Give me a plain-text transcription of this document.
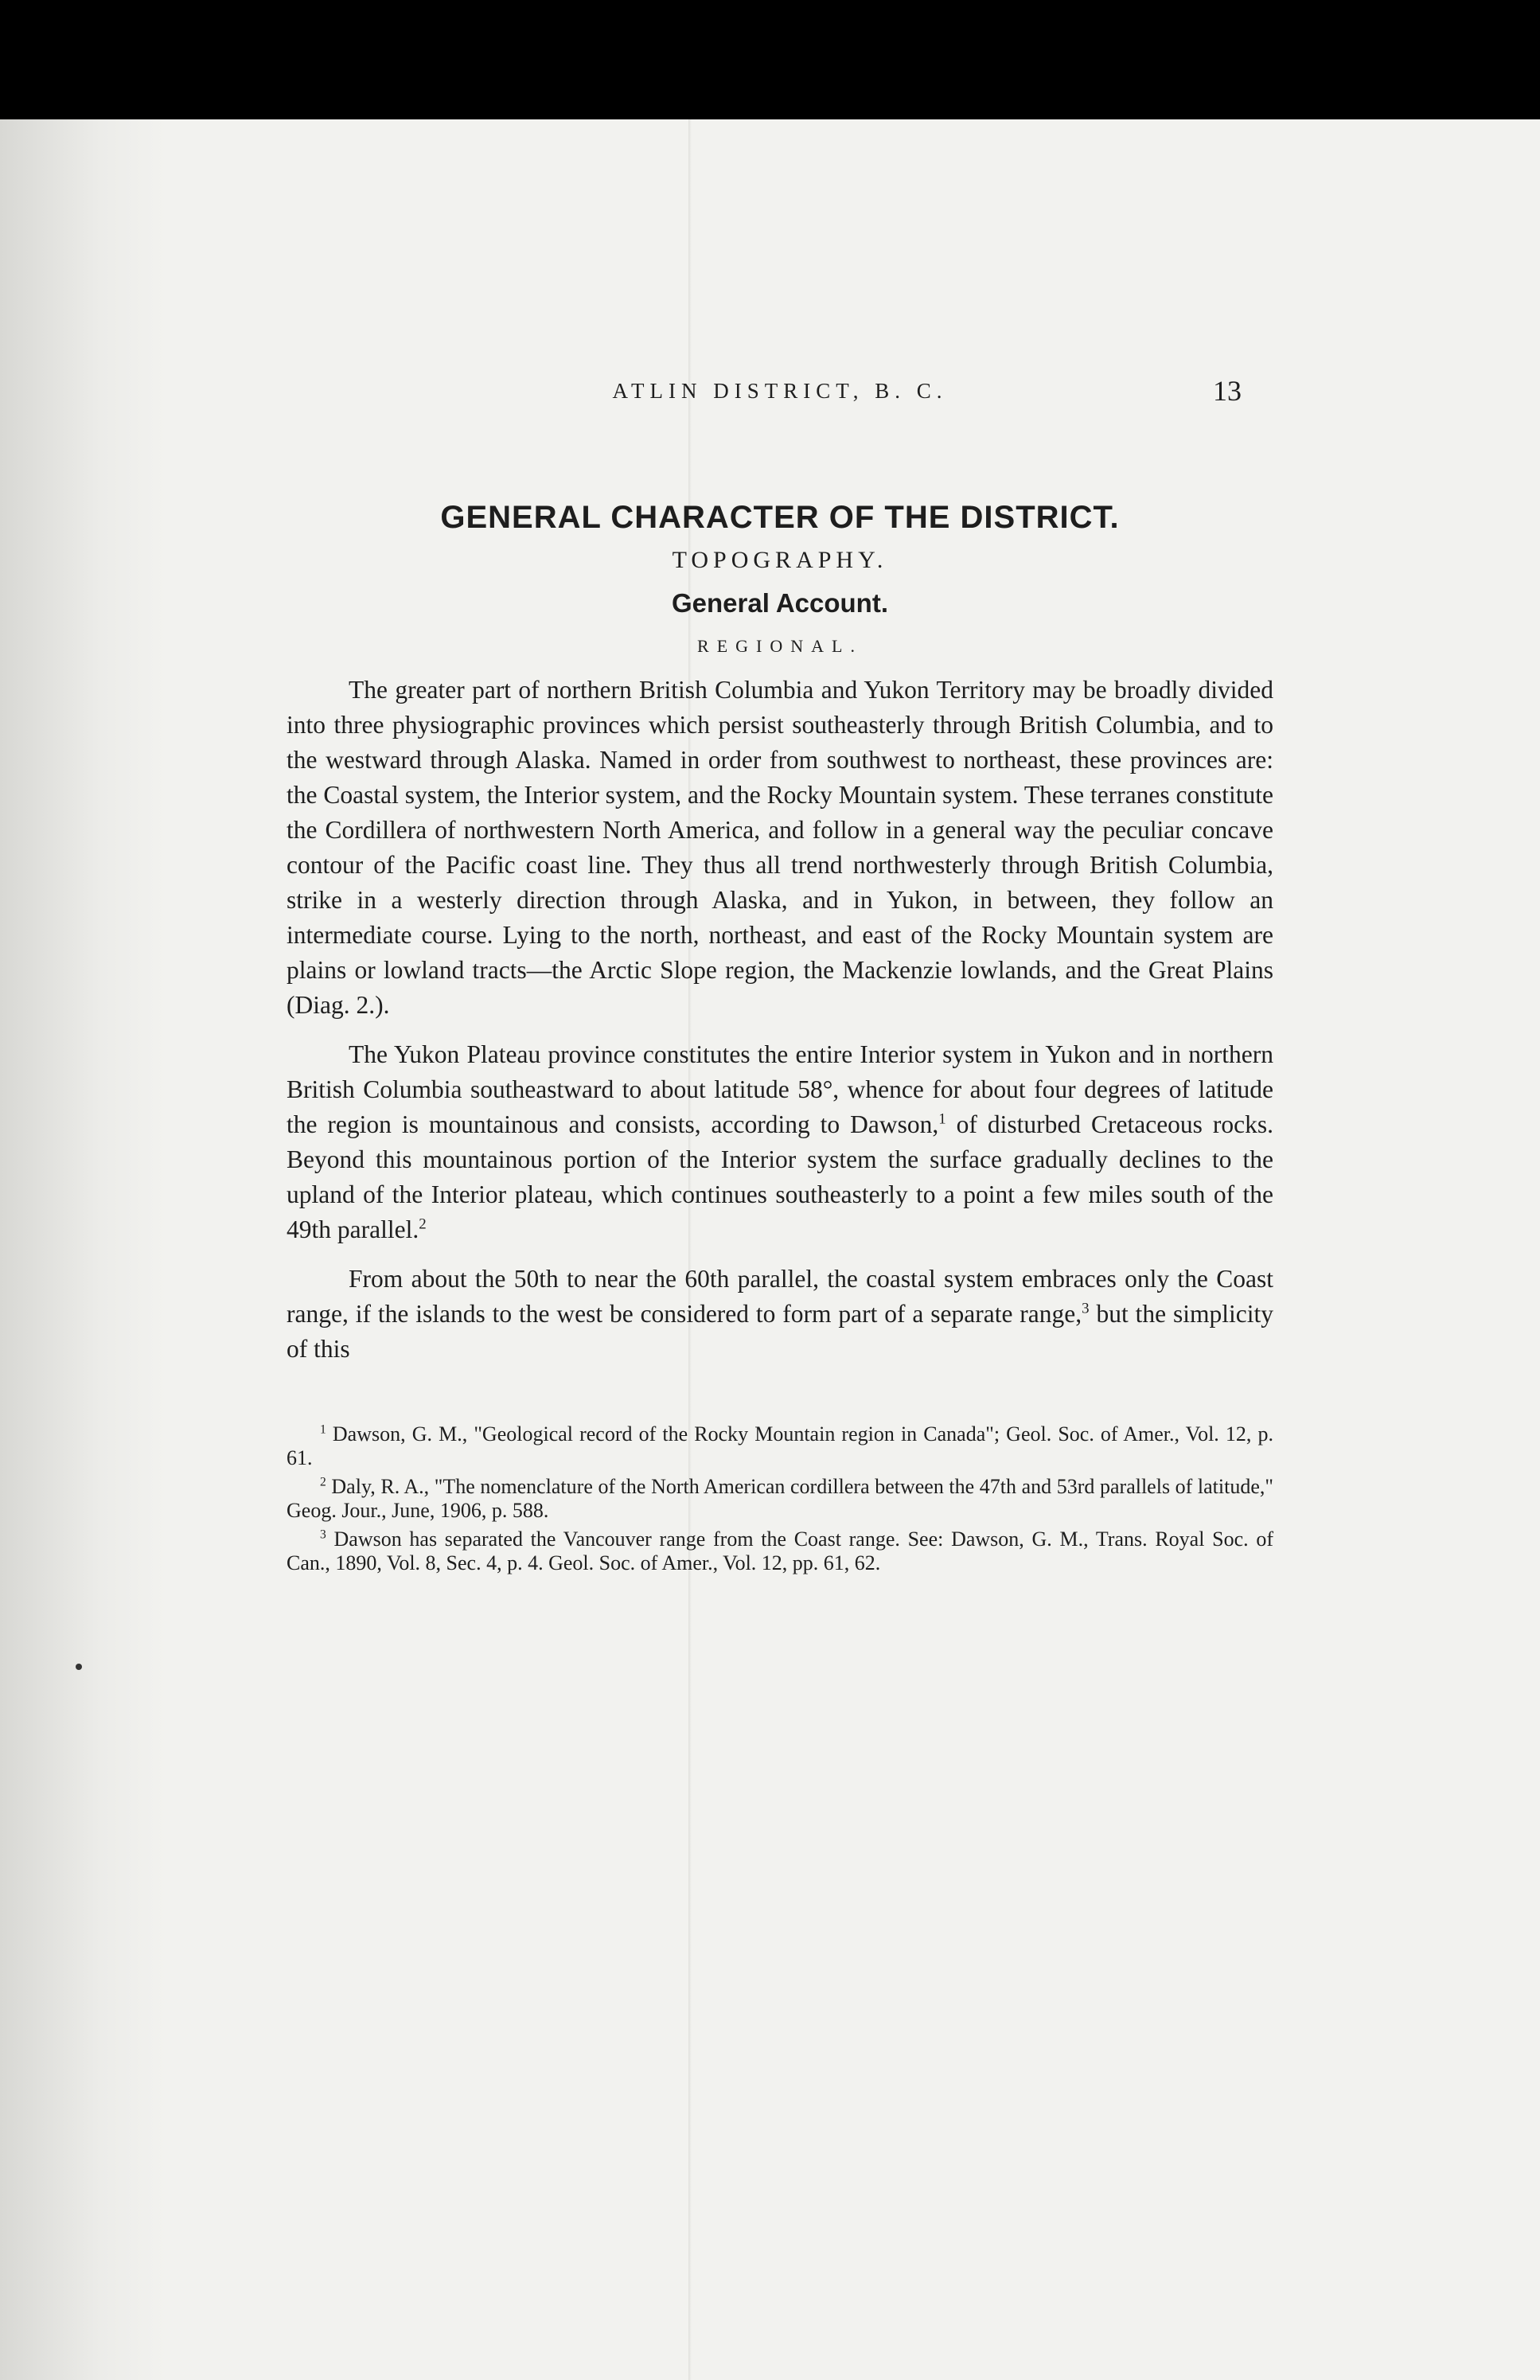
ATLIN DISTRICT, B. C.	13
GENERAL CHARACTER OF THE DISTRICT.
TOPOGRAPHY.
General Account.
REGIONAL.

The greater part of northern British Columbia and Yukon Territory may be broadly divided into three physiographic provinces which persist southeasterly through British Columbia, and to the westward through Alaska. Named in order from southwest to northeast, these provinces are: the Coastal system, the Interior system, and the Rocky Mountain system. These terranes constitute the Cordillera of northwestern North America, and follow in a general way the peculiar concave contour of the Pacific coast line. They thus all trend northwesterly through British Columbia, strike in a westerly direction through Alaska, and in Yukon, in between, they follow an intermediate course. Lying to the north, northeast, and east of the Rocky Mountain system are plains or lowland tracts—the Arctic Slope region, the Mackenzie lowlands, and the Great Plains (Diag. 2.).

The Yukon Plateau province constitutes the entire Interior system in Yukon and in northern British Columbia southeastward to about latitude 58°, whence for about four degrees of latitude the region is mountainous and consists, according to Dawson,$^1$ of disturbed Cretaceous rocks. Beyond this mountainous portion of the Interior system the surface gradually declines to the upland of the Interior plateau, which continues southeasterly to a point a few miles south of the 49th parallel.$^2$

From about the 50th to near the 60th parallel, the coastal system embraces only the Coast range, if the islands to the west be considered to form part of a separate range,$^3$ but the simplicity of this

$^1$ Dawson, G. M., "Geological record of the Rocky Mountain region in Canada"; Geol. Soc. of Amer., Vol. 12, p. 61.

$^2$ Daly, R. A., "The nomenclature of the North American cordillera between the 47th and 53rd parallels of latitude," Geog. Jour., June, 1906, p. 588.

$^3$ Dawson has separated the Vancouver range from the Coast range. See: Dawson, G. M., Trans. Royal Soc. of Can., 1890, Vol. 8, Sec. 4, p. 4. Geol. Soc. of Amer., Vol. 12, pp. 61, 62.
